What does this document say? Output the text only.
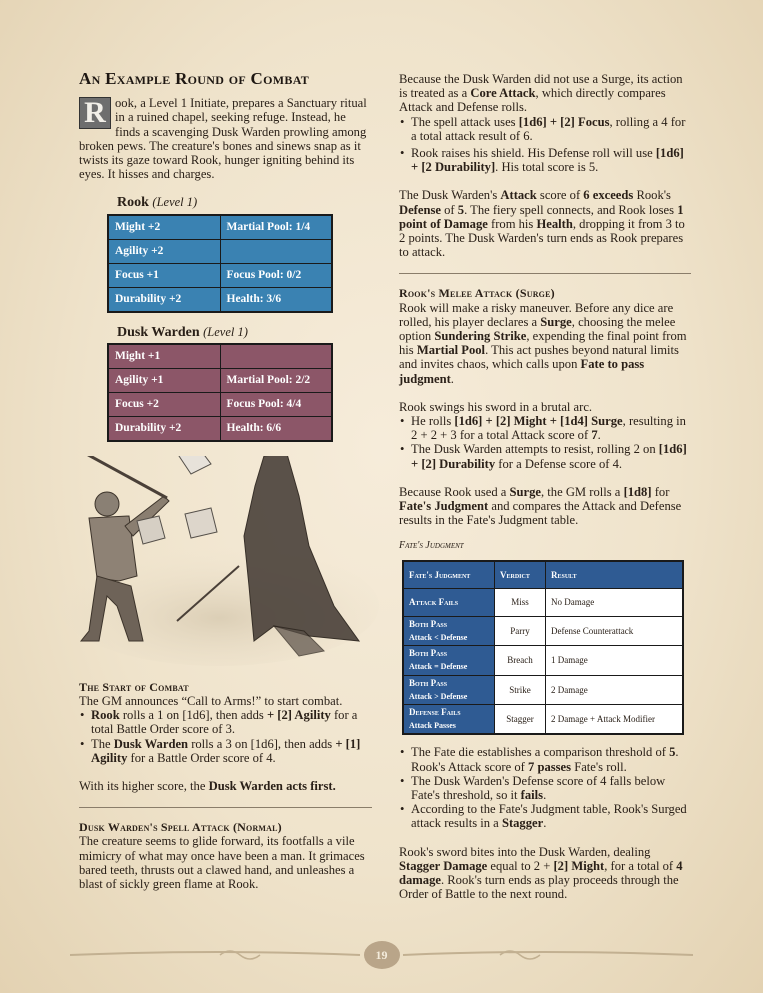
An Example Round of Combat

R ook, a Level 1 Initiate, prepares a Sanctuary ritual in a ruined chapel, seeking refuge. Instead, he finds a scavenging Dusk Warden prowling among broken pews. The creature's bones and sinews snap as it twists its gaze toward Rook, hunger igniting behind its eyes. It hisses and charges.

Rook (Level 1)
Might +2	Martial Pool: 1/4
Agility +2	
Focus +1	Focus Pool: 0/2
Durability +2	Health: 3/6
Dusk Warden (Level 1)
Might +1	
Agility +1	Martial Pool: 2/2
Focus +2	Focus Pool: 4/4
Durability +2	Health: 6/6
The Start of Combat

The GM announces “Call to Arms!” to start combat.

• Rook rolls a 1 on [1d6], then adds + [2] Agility for a total Battle Order score of 3.
• The Dusk Warden rolls a 3 on [1d6], then adds + [1] Agility for a Battle Order score of 4.

With its higher score, the Dusk Warden acts first.

Dusk Warden's Spell Attack (Normal)

The creature seems to glide forward, its footfalls a vile mimicry of what may once have been a man. It grimaces bared teeth, thrusts out a clawed hand, and unleashes a blast of sickly green flame at Rook.

Because the Dusk Warden did not use a Surge, its action is treated as a Core Attack, which directly compares Attack and Defense rolls.

• The spell attack uses [1d6] + [2] Focus, rolling a 4 for a total attack result of 6.
• Rook raises his shield. His Defense roll will use [1d6] + [2 Durability]. His total score is 5.

The Dusk Warden's Attack score of 6 exceeds Rook's Defense of 5. The fiery spell connects, and Rook loses 1 point of Damage from his Health, dropping it from 3 to 2 points. The Dusk Warden's turn ends as Rook prepares to attack.

Rook's Melee Attack (Surge)

Rook will make a risky maneuver. Before any dice are rolled, his player declares a Surge, choosing the melee option Sundering Strike, expending the final point from his Martial Pool. This act pushes beyond natural limits and invites chaos, which calls upon Fate to pass judgment.

Rook swings his sword in a brutal arc.

• He rolls [1d6] + [2] Might + [1d4] Surge, resulting in 2 + 2 + 3 for a total Attack score of 7.
• The Dusk Warden attempts to resist, rolling 2 on [1d6] + [2] Durability for a Defense score of 4.

Because Rook used a Surge, the GM rolls a [1d8] for Fate's Judgment and compares the Attack and Defense results in the Fate's Judgment table.

Fate's Judgment
Fate's Judgment	Verdict	Result

Attack Fails	Miss	No Damage

Both Pass
Attack < Defense	Parry	Defense Counterattack

Both Pass
Attack = Defense	Breach	1 Damage

Both Pass
Attack > Defense	Strike	2 Damage

Defense Fails
Attack Passes	Stagger	2 Damage + Attack Modifier
• The Fate die establishes a comparison threshold of 5. Rook's Attack score of 7 passes Fate's roll.
• The Dusk Warden's Defense score of 4 falls below Fate's threshold, so it fails.
• According to the Fate's Judgment table, Rook's Surged attack results in a Stagger.

Rook's sword bites into the Dusk Warden, dealing Stagger Damage equal to 2 + [2] Might, for a total of 4 damage. Rook's turn ends as play proceeds through the Order of Battle to the next round.

19
